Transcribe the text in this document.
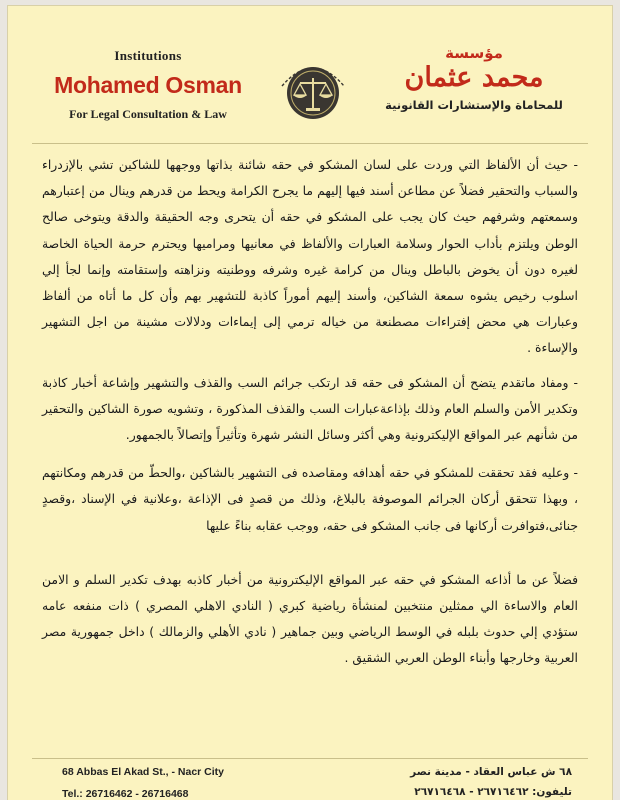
Institutions
Mohamed Osman
For Legal Consultation & Law
مؤسسة
محمد عثمان
للمحاماة والإستشارات القانونية

- حيث أن الألفاظ التي وردت على لسان المشكو في حقه شائنة بذاتها ووجهها للشاكين تشي بالإزدراء والسباب والتحقير فضلاً عن مطاعن أسند فيها إليهم ما يجرح الكرامة ويحط من قدرهم وينال من إعتبارهم وسمعتهم وشرفهم حيث كان يجب على المشكو في حقه أن يتحرى وجه الحقيقة والدقة ويتوخى صالح الوطن ويلتزم بأداب الحوار وسلامة العبارات والألفاظ في معانيها ومراميها ويحترم حرمة الحياة الخاصة لغيره دون أن يخوض بالباطل وينال من كرامة غيره وشرفه ووطنيته ونزاهته وإستقامته وإنما لجأ إلي اسلوب رخيص يشوه سمعة الشاكين، وأسند إليهم أموراً كاذبة للتشهير بهم وأن كل ما أتاه من ألفاظ وعبارات هي محض إفتراءات مصطنعة من خياله ترمي إلى إيماءات ودلالات مشينة من اجل التشهير والإساءة .

- ومفاد ماتقدم يتضح أن المشكو فى حقه قد ارتكب جرائم السب والقذف والتشهير وإشاعة أخبار كاذبة وتكدير الأمن والسلم العام وذلك بإذاعةعبارات السب والقذف المذكورة ، وتشويه صورة الشاكين والتحقير من شأنهم عبر المواقع الإليكترونية وهي أكثر وسائل النشر شهرة وتأثيراً وإتصالاً بالجمهور.

- وعليه فقد تحققت للمشكو في حقه أهدافه ومقاصده فى التشهير بالشاكين ،والحطّ من قدرهم ومكانتهم ، وبهذا تتحقق أركان الجرائم الموصوفة بالبلاغ، وذلك من قصدٍ فى الإذاعة ،وعلانية في الإسناد ،وقصدٍ جنائى،فتوافرت أركانها فى جانب المشكو فى حقه، ووجب عقابه بناءً عليها

فضلاً عن ما أذاعه المشكو في حقه عبر المواقع الإليكترونية من أخبار كاذبه بهدف تكدير السلم و الامن العام والاساءة الي ممثلين منتخبين لمنشأة رياضية كبري ( النادي الاهلي المصري ) ذات منفعه عامه ستؤدي إلي حدوث بلبله في الوسط الرياضي وبين جماهير ( نادي الأهلي والزمالك ) داخل جمهورية مصر العربية وخارجها وأبناء الوطن العربي الشقيق .

68 Abbas El Akad St., - Nacr City	٦٨ ش عباس العقاد - مدينة نصر
Tel.: 26716462 - 26716468	تليفون: ٢٦٧١٦٤٦٢ - ٢٦٧١٦٤٦٨
